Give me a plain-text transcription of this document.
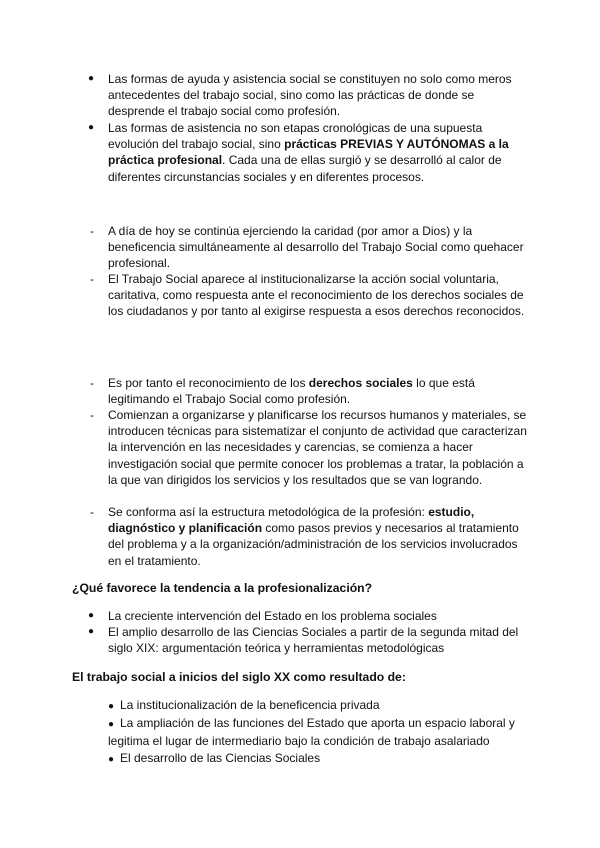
● Las formas de ayuda y asistencia social se constituyen no solo como meros antecedentes del trabajo social, sino como las prácticas de donde se desprende el trabajo social como profesión.
● Las formas de asistencia no son etapas cronológicas de una supuesta evolución del trabajo social, sino prácticas PREVIAS Y AUTÓNOMAS a la práctica profesional. Cada una de ellas surgió y se desarrolló al calor de diferentes circunstancias sociales y en diferentes procesos.
- A día de hoy se continúa ejerciendo la caridad (por amor a Dios) y la beneficencia simultáneamente al desarrollo del Trabajo Social como quehacer profesional.
- El Trabajo Social aparece al institucionalizarse la acción social voluntaria, caritativa, como respuesta ante el reconocimiento de los derechos sociales de los ciudadanos y por tanto al exigirse respuesta a esos derechos reconocidos.
- Es por tanto el reconocimiento de los derechos sociales lo que está legitimando el Trabajo Social como profesión.
- Comienzan a organizarse y planificarse los recursos humanos y materiales, se introducen técnicas para sistematizar el conjunto de actividad que caracterizan la intervención en las necesidades y carencias, se comienza a hacer investigación social que permite conocer los problemas a tratar, la población a la que van dirigidos los servicios y los resultados que se van logrando.
- Se conforma así la estructura metodológica de la profesión: estudio, diagnóstico y planificación como pasos previos y necesarios al tratamiento del problema y a la organización/administración de los servicios involucrados en el tratamiento.
¿Qué favorece la tendencia a la profesionalización?
● La creciente intervención del Estado en los problema sociales
● El amplio desarrollo de las Ciencias Sociales a partir de la segunda mitad del siglo XIX: argumentación teórica y herramientas metodológicas
El trabajo social a inicios del siglo XX como resultado de:
● La institucionalización de la beneficencia privada
● La ampliación de las funciones del Estado que aporta un espacio laboral y legitima el lugar de intermediario bajo la condición de trabajo asalariado
● El desarrollo de las Ciencias Sociales
